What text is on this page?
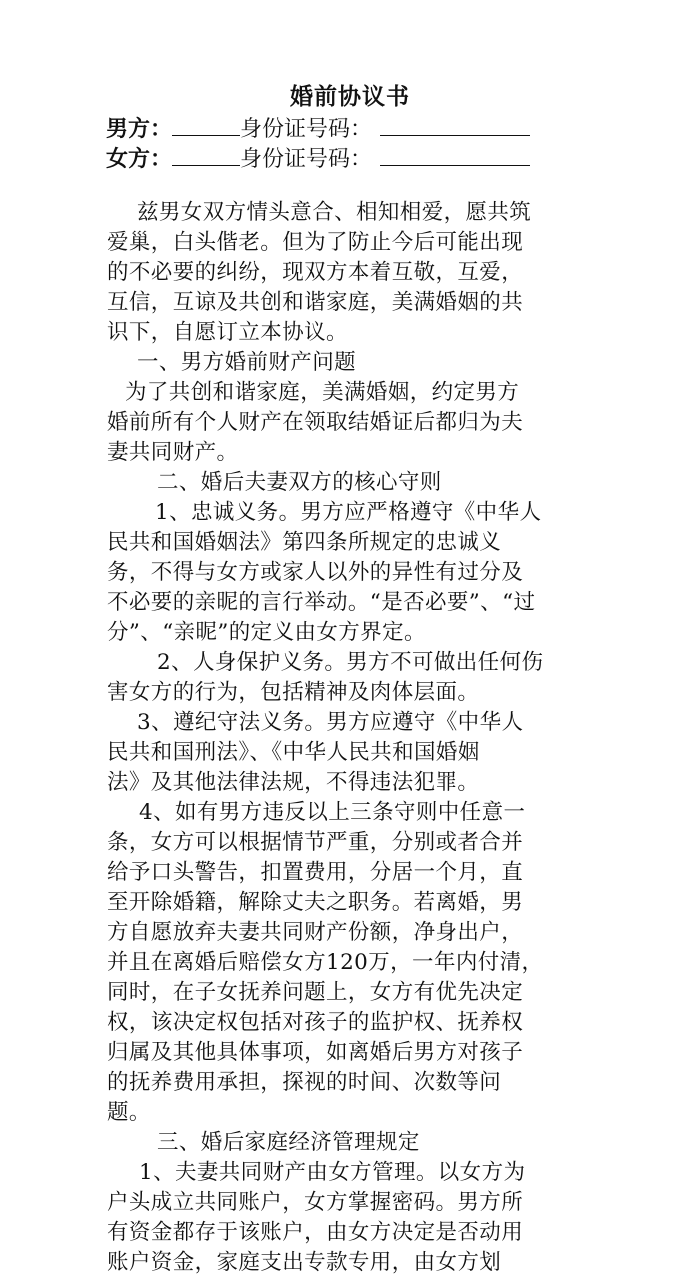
婚前协议书
男方：	身份证号码：
女方：	身份证号码：
兹男女双方情头意合、相知相爱，愿共筑
爱巢，白头偕老。但为了防止今后可能出现
的不必要的纠纷，现双方本着互敬，互爱，
互信，互谅及共创和谐家庭，美满婚姻的共
识下，自愿订立本协议。
一、男方婚前财产问题
为了共创和谐家庭，美满婚姻，约定男方
婚前所有个人财产在领取结婚证后都归为夫
妻共同财产。
二、婚后夫妻双方的核心守则
1、忠诚义务。男方应严格遵守《中华人
民共和国婚姻法》第四条所规定的忠诚义
务，不得与女方或家人以外的异性有过分及
不必要的亲昵的言行举动。“是否必要”、“过
分”、“亲昵”的定义由女方界定。
2、人身保护义务。男方不可做出任何伤
害女方的行为，包括精神及肉体层面。
3、遵纪守法义务。男方应遵守《中华人
民共和国刑法》、《中华人民共和国婚姻
法》及其他法律法规，不得违法犯罪。
4、如有男方违反以上三条守则中任意一
条，女方可以根据情节严重，分别或者合并
给予口头警告，扣置费用，分居一个月，直
至开除婚籍，解除丈夫之职务。若离婚，男
方自愿放弃夫妻共同财产份额，净身出户，
并且在离婚后赔偿女方120万，一年内付清，
同时，在子女抚养问题上，女方有优先决定
权，该决定权包括对孩子的监护权、抚养权
归属及其他具体事项，如离婚后男方对孩子
的抚养费用承担，探视的时间、次数等问
题。
三、婚后家庭经济管理规定
1、夫妻共同财产由女方管理。以女方为
户头成立共同账户，女方掌握密码。男方所
有资金都存于该账户，由女方决定是否动用
账户资金，家庭支出专款专用，由女方划
